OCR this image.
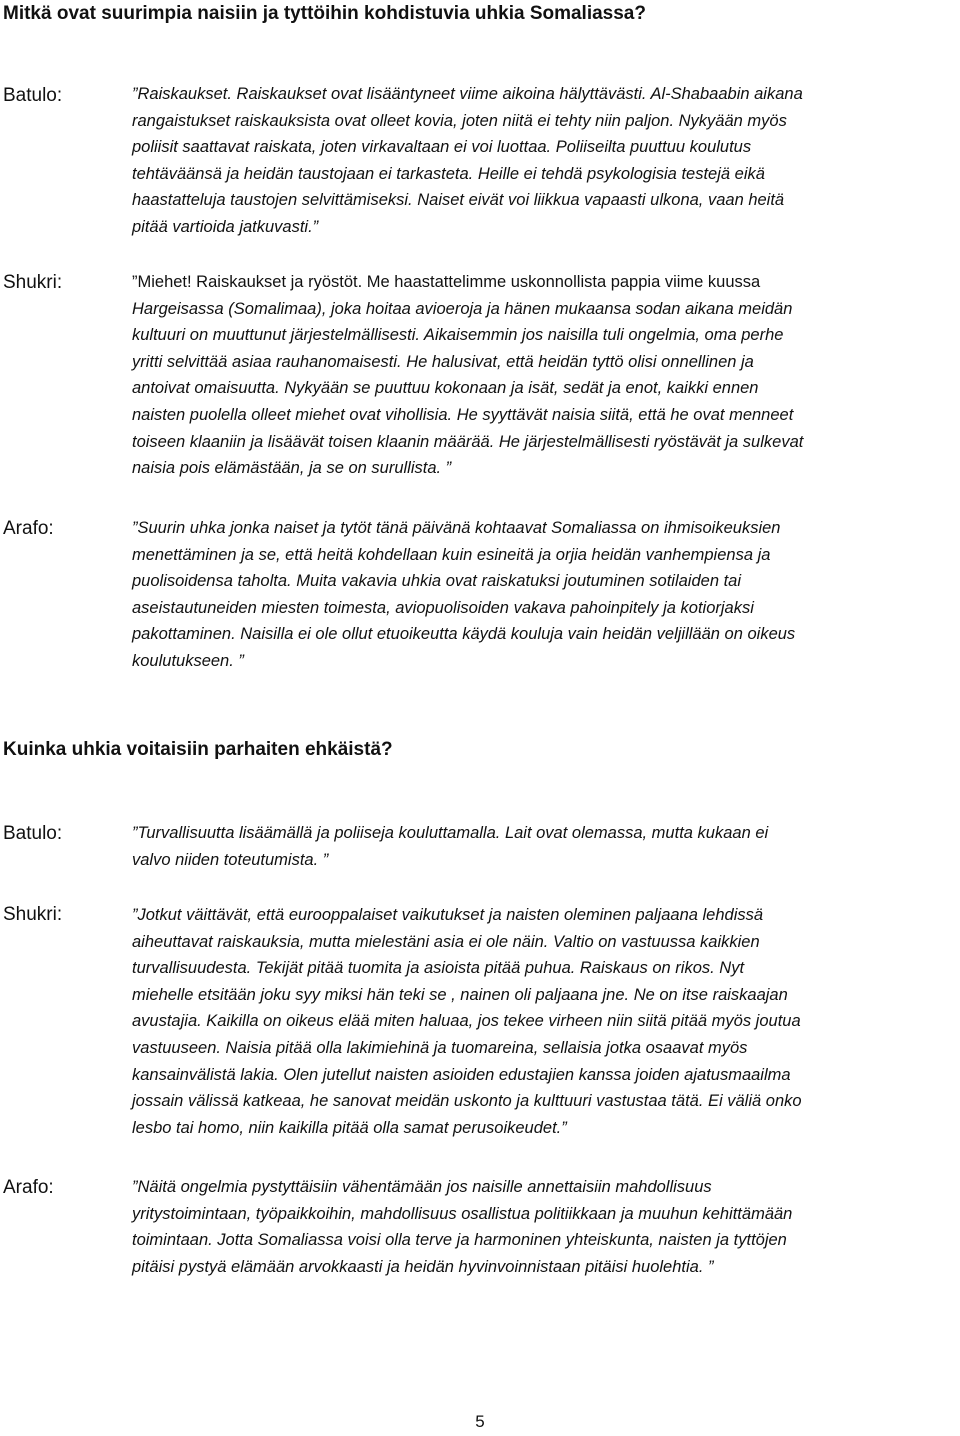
Mitkä ovat suurimpia naisiin ja tyttöihin kohdistuvia uhkia Somaliassa?
Batulo:	”Raiskaukset. Raiskaukset ovat lisääntyneet viime aikoina hälyttävästi. Al-Shabaabin aikana
rangaistukset raiskauksista ovat olleet kovia, joten niitä ei tehty niin paljon. Nykyään myös
poliisit saattavat raiskata, joten virkavaltaan ei voi luottaa. Poliiseilta puuttuu koulutus
tehtäväänsä ja heidän taustojaan ei tarkasteta. Heille ei tehdä psykologisia testejä eikä
haastatteluja taustojen selvittämiseksi. Naiset eivät voi liikkua vapaasti ulkona, vaan heitä
pitää vartioida jatkuvasti.”

Shukri:	”Miehet! Raiskaukset ja ryöstöt. Me haastattelimme uskonnollista pappia viime kuussa
Hargeisassa (Somalimaa), joka hoitaa avioeroja ja hänen mukaansa sodan aikana meidän
kultuuri on muuttunut järjestelmällisesti. Aikaisemmin jos naisilla tuli ongelmia, oma perhe
yritti selvittää asiaa rauhanomaisesti. He halusivat, että heidän tyttö olisi onnellinen ja
antoivat omaisuutta. Nykyään se puuttuu kokonaan ja isät, sedät ja enot, kaikki ennen
naisten puolella olleet miehet ovat vihollisia. He syyttävät naisia siitä, että he ovat menneet
toiseen klaaniin ja lisäävät toisen klaanin määrää. He järjestelmällisesti ryöstävät ja sulkevat
naisia pois elämästään, ja se on surullista. ”

Arafo:	”Suurin uhka jonka naiset ja tytöt tänä päivänä kohtaavat Somaliassa on ihmisoikeuksien
menettäminen ja se, että heitä kohdellaan kuin esineitä ja orjia heidän vanhempiensa ja
puolisoidensa taholta. Muita vakavia uhkia ovat raiskatuksi joutuminen sotilaiden tai
aseistautuneiden miesten toimesta, aviopuolisoiden vakava pahoinpitely ja kotiorjaksi
pakottaminen. Naisilla ei ole ollut etuoikeutta käydä kouluja vain heidän veljillään on oikeus
koulutukseen. ”

Kuinka uhkia voitaisiin parhaiten ehkäistä?
Batulo:	”Turvallisuutta lisäämällä ja poliiseja kouluttamalla. Lait ovat olemassa, mutta kukaan ei
valvo niiden toteutumista. ”

Shukri:	”Jotkut väittävät, että eurooppalaiset vaikutukset ja naisten oleminen paljaana lehdissä
aiheuttavat raiskauksia, mutta mielestäni asia ei ole näin. Valtio on vastuussa kaikkien
turvallisuudesta. Tekijät pitää tuomita ja asioista pitää puhua. Raiskaus on rikos. Nyt
miehelle etsitään joku syy miksi hän teki se , nainen oli paljaana jne. Ne on itse raiskaajan
avustajia. Kaikilla on oikeus elää miten haluaa, jos tekee virheen niin siitä pitää myös joutua
vastuuseen. Naisia pitää olla lakimiehinä ja tuomareina, sellaisia jotka osaavat myös
kansainvälistä lakia. Olen jutellut naisten asioiden edustajien kanssa joiden ajatusmaailma
jossain välissä katkeaa, he sanovat meidän uskonto ja kulttuuri vastustaa tätä. Ei väliä onko
lesbo tai homo, niin kaikilla pitää olla samat perusoikeudet.”

Arafo:	”Näitä ongelmia pystyttäisiin vähentämään jos naisille annettaisiin mahdollisuus
yritystoimintaan, työpaikkoihin, mahdollisuus osallistua politiikkaan ja muuhun kehittämään
toimintaan. Jotta Somaliassa voisi olla terve ja harmoninen yhteiskunta, naisten ja tyttöjen
pitäisi pystyä elämään arvokkaasti ja heidän hyvinvoinnistaan pitäisi huolehtia. ”

5
